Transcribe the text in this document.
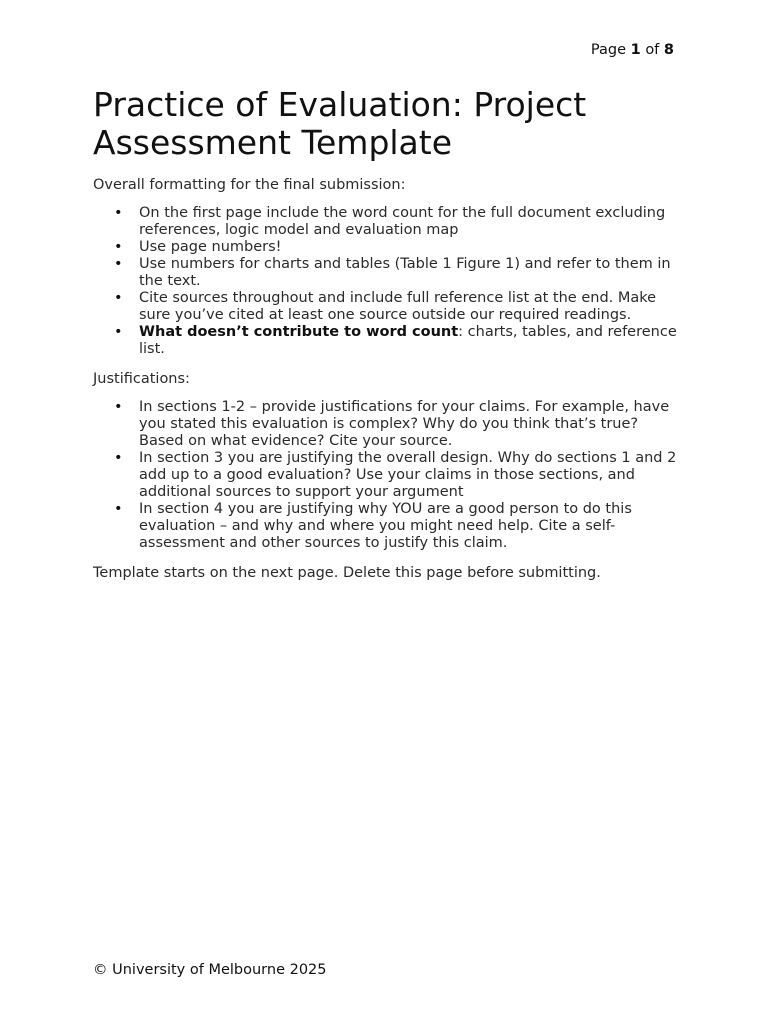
Page 1 of 8
Practice of Evaluation: Project Assessment Template

Overall formatting for the final submission:

• On the first page include the word count for the full document excluding references, logic model and evaluation map
• Use page numbers!
• Use numbers for charts and tables (Table 1 Figure 1) and refer to them in the text.
• Cite sources throughout and include full reference list at the end. Make sure you’ve cited at least one source outside our required readings.
• What doesn’t contribute to word count: charts, tables, and reference list.

Justifications:

• In sections 1-2 – provide justifications for your claims. For example, have you stated this evaluation is complex? Why do you think that’s true? Based on what evidence? Cite your source.
• In section 3 you are justifying the overall design. Why do sections 1 and 2 add up to a good evaluation? Use your claims in those sections, and additional sources to support your argument
• In section 4 you are justifying why YOU are a good person to do this evaluation – and why and where you might need help. Cite a self-assessment and other sources to justify this claim.

Template starts on the next page. Delete this page before submitting.

© University of Melbourne 2025
